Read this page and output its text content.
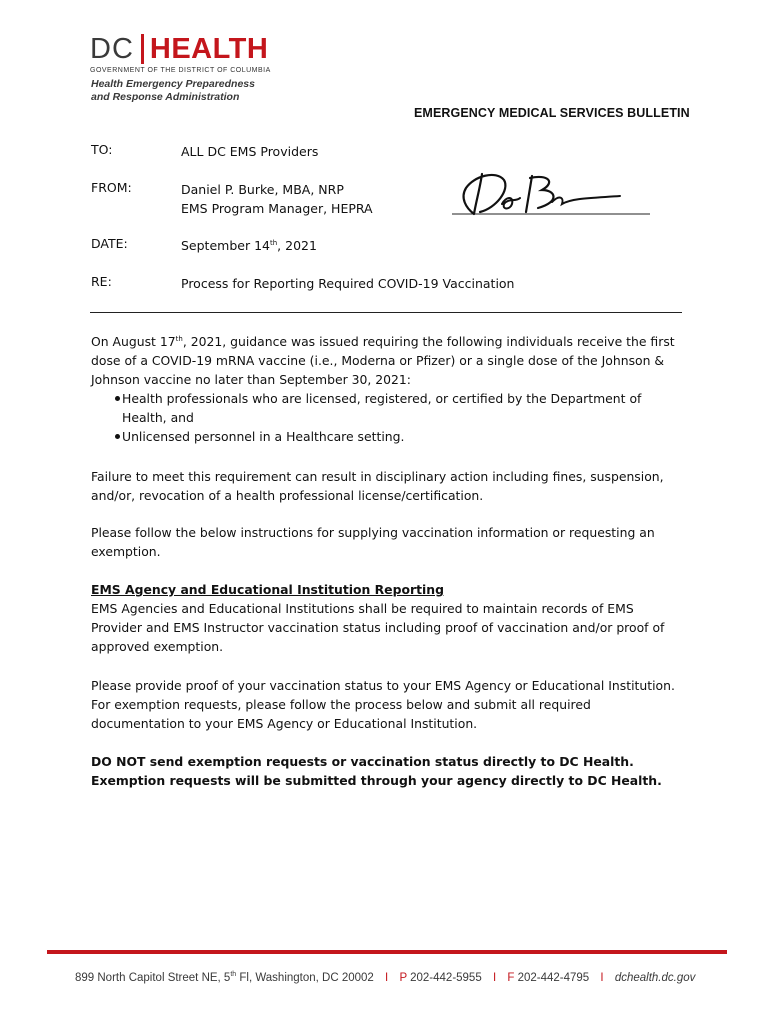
DC HEALTH
GOVERNMENT OF THE DISTRICT OF COLUMBIA
Health Emergency Preparedness
and Response Administration
EMERGENCY MEDICAL SERVICES BULLETIN
TO:	ALL DC EMS Providers
FROM:	Daniel P. Burke, MBA, NRP
EMS Program Manager, HEPRA
DATE:	September 14th, 2021
RE:	Process for Reporting Required COVID-19 Vaccination

On August 17th, 2021, guidance was issued requiring the following individuals receive the first dose of a COVID-19 mRNA vaccine (i.e., Moderna or Pfizer) or a single dose of the Johnson & Johnson vaccine no later than September 30, 2021:

Health professionals who are licensed, registered, or certified by the Department of Health, and
Unlicensed personnel in a Healthcare setting.
Failure to meet this requirement can result in disciplinary action including fines, suspension, and/or, revocation of a health professional license/certification.
Please follow the below instructions for supplying vaccination information or requesting an exemption.

EMS Agency and Educational Institution Reporting

EMS Agencies and Educational Institutions shall be required to maintain records of EMS Provider and EMS Instructor vaccination status including proof of vaccination and/or proof of approved exemption.

Please provide proof of your vaccination status to your EMS Agency or Educational Institution. For exemption requests, please follow the process below and submit all required documentation to your EMS Agency or Educational Institution.
DO NOT send exemption requests or vaccination status directly to DC Health. Exemption requests will be submitted through your agency directly to DC Health.
899 North Capitol Street NE, 5th Fl, Washington, DC 20002 I P 202-442-5955 I F 202-442-4795 I dchealth.dc.gov
